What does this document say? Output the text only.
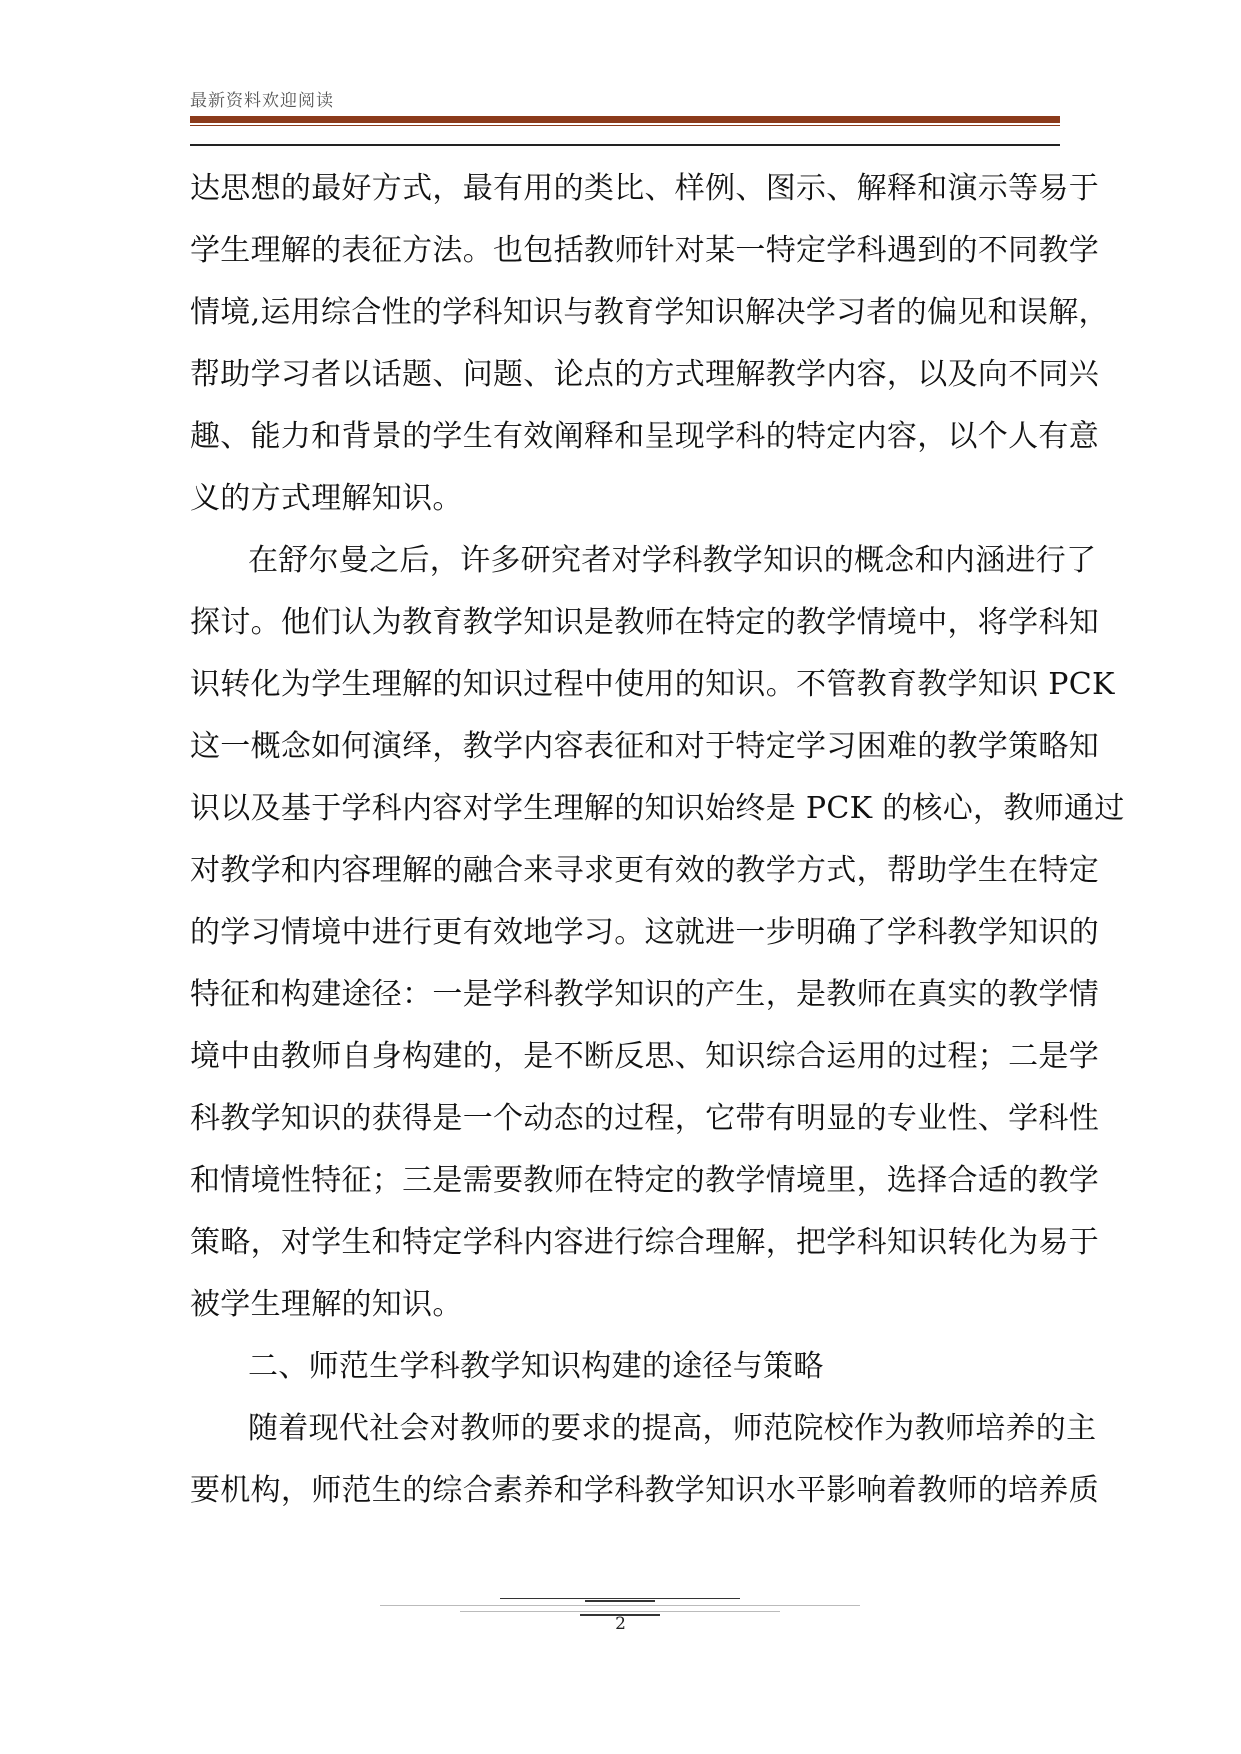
最新资料欢迎阅读
达思想的最好方式，最有用的类比、样例、图示、解释和演示等易于
学生理解的表征方法。也包括教师针对某一特定学科遇到的不同教学
情境,运用综合性的学科知识与教育学知识解决学习者的偏见和误解，
帮助学习者以话题、问题、论点的方式理解教学内容，以及向不同兴
趣、能力和背景的学生有效阐释和呈现学科的特定内容，以个人有意
义的方式理解知识。
在舒尔曼之后，许多研究者对学科教学知识的概念和内涵进行了
探讨。他们认为教育教学知识是教师在特定的教学情境中，将学科知
识转化为学生理解的知识过程中使用的知识。不管教育教学知识 PCK
这一概念如何演绎，教学内容表征和对于特定学习困难的教学策略知
识以及基于学科内容对学生理解的知识始终是 PCK 的核心，教师通过
对教学和内容理解的融合来寻求更有效的教学方式，帮助学生在特定
的学习情境中进行更有效地学习。这就进一步明确了学科教学知识的
特征和构建途径：一是学科教学知识的产生，是教师在真实的教学情
境中由教师自身构建的，是不断反思、知识综合运用的过程；二是学
科教学知识的获得是一个动态的过程，它带有明显的专业性、学科性
和情境性特征；三是需要教师在特定的教学情境里，选择合适的教学
策略，对学生和特定学科内容进行综合理解，把学科知识转化为易于
被学生理解的知识。
二、师范生学科教学知识构建的途径与策略
随着现代社会对教师的要求的提高，师范院校作为教师培养的主
要机构，师范生的综合素养和学科教学知识水平影响着教师的培养质
2
